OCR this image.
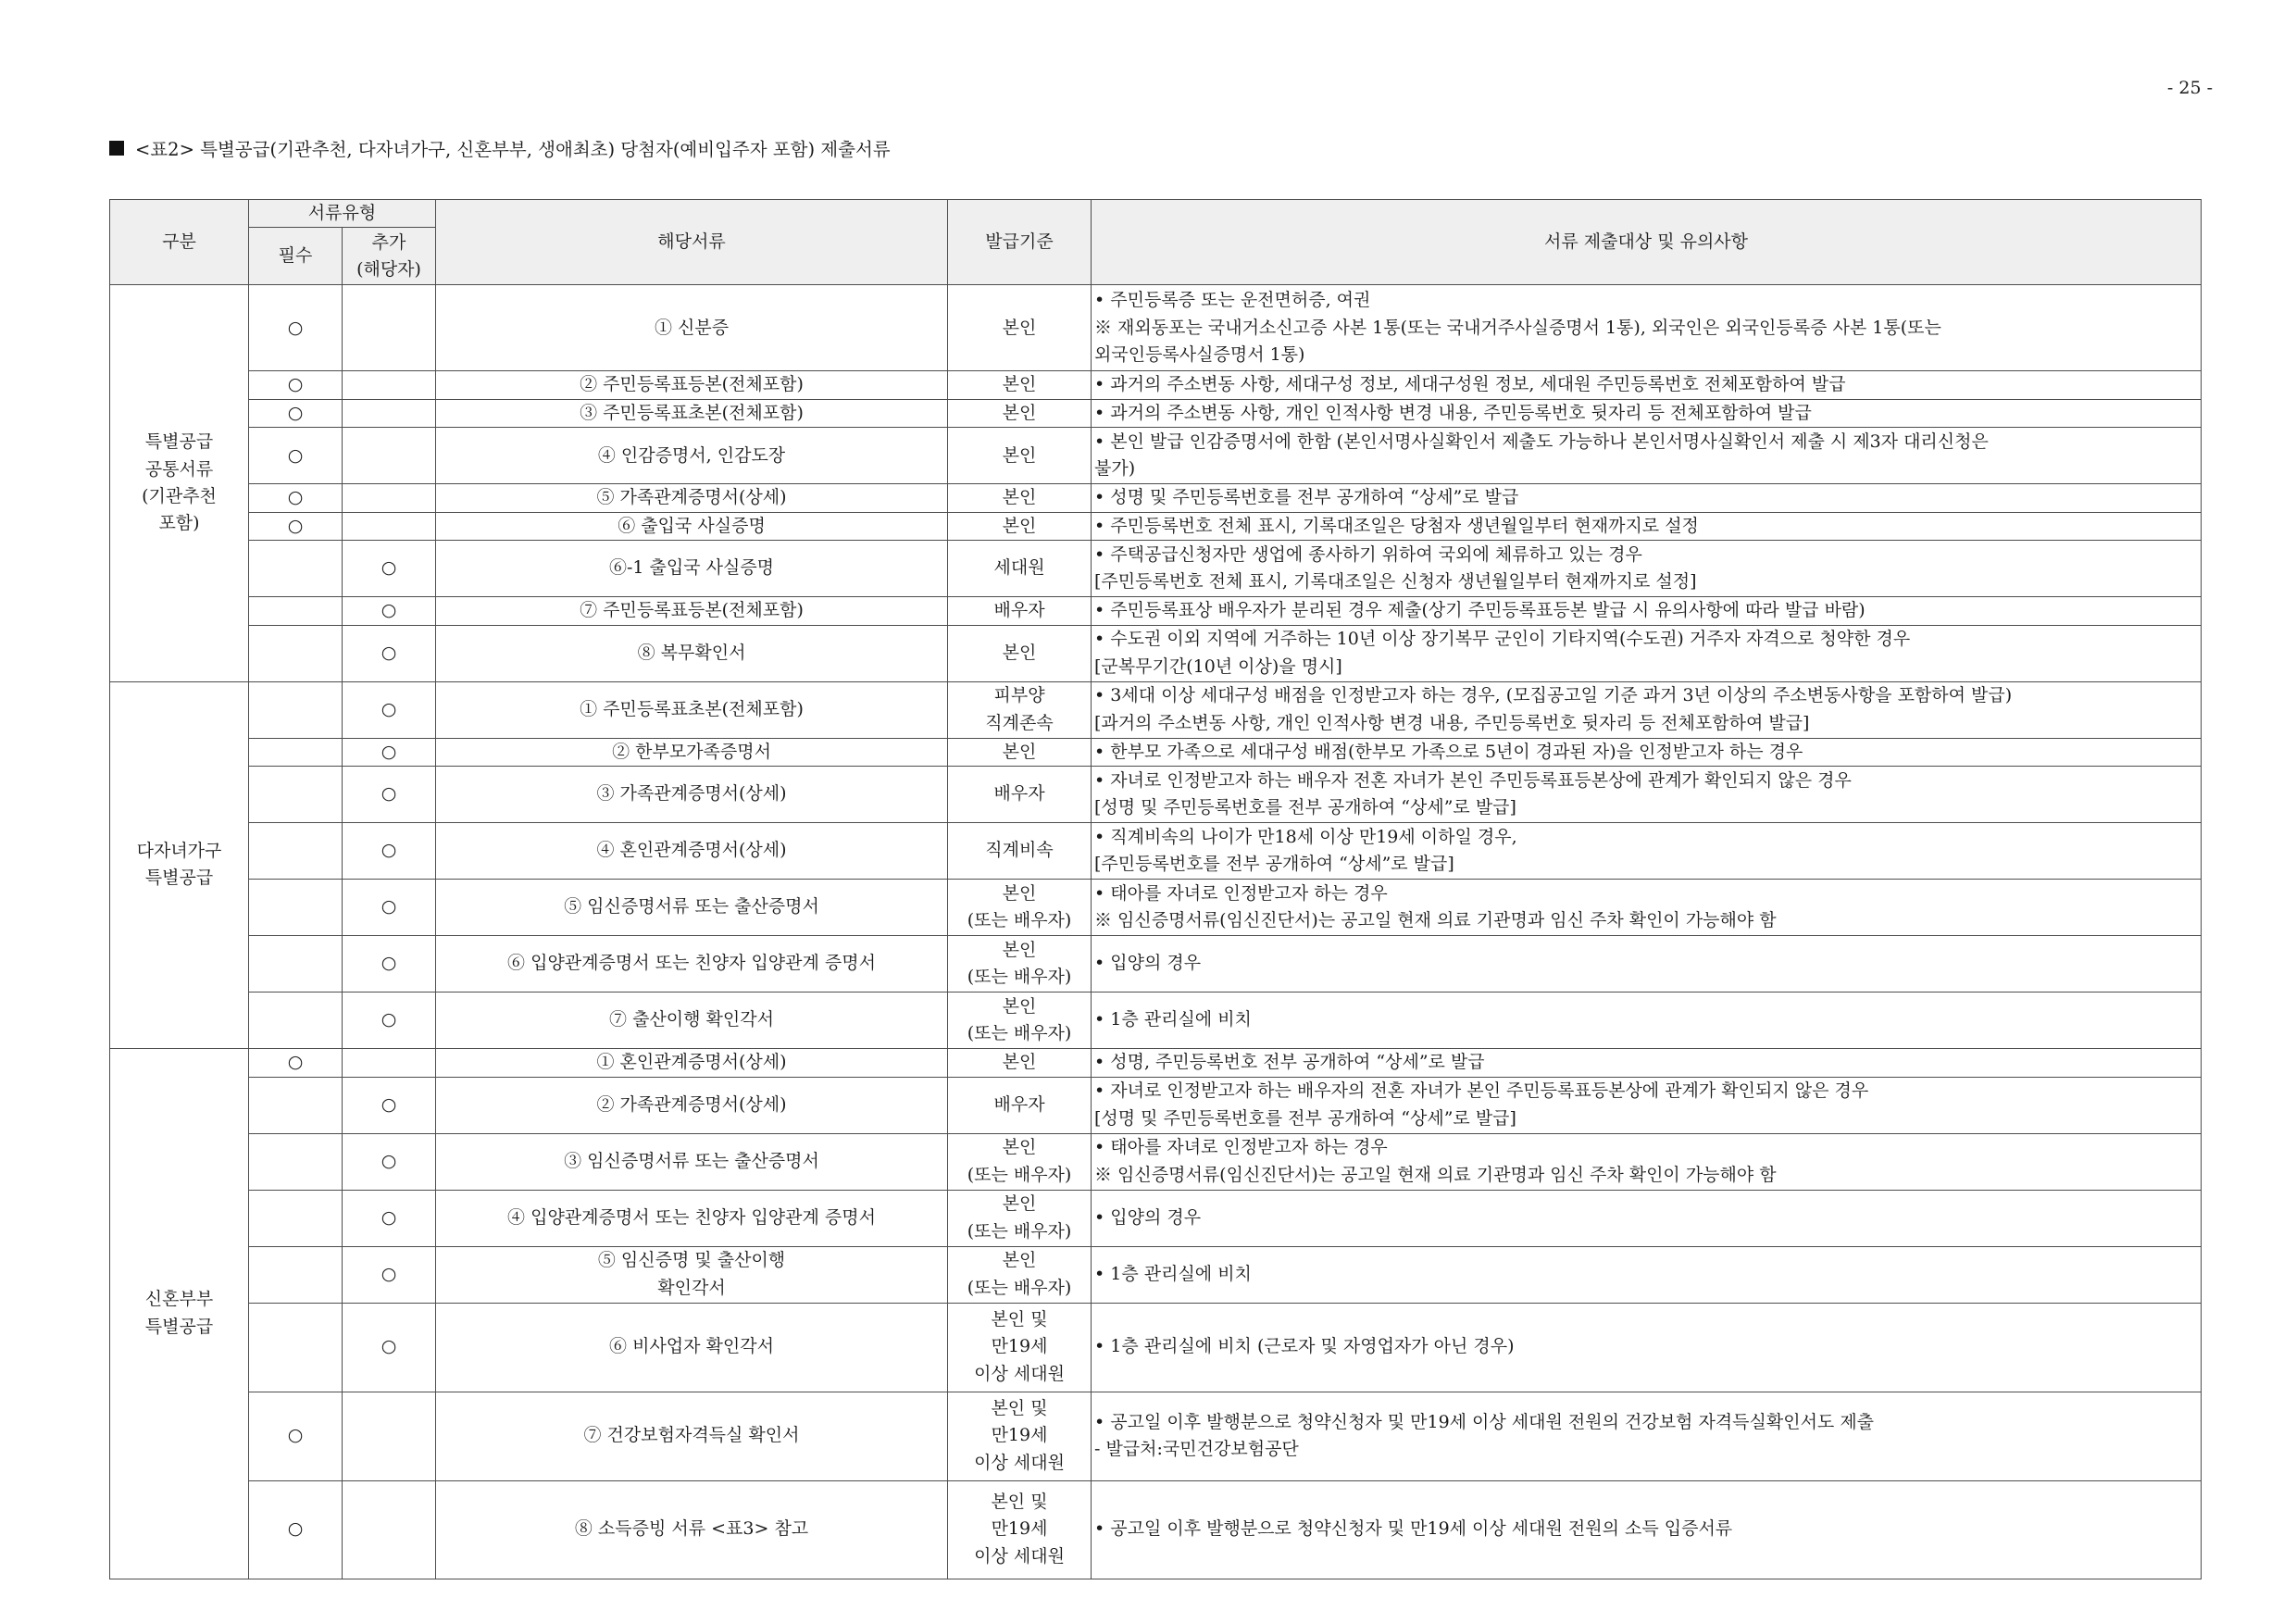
- 25 -
<표2> 특별공급(기관추천, 다자녀가구, 신혼부부, 생애최초) 당첨자(예비입주자 포함) 제출서류
구분	서류유형		해당서류	발급기준	서류 제출대상 및 유의사항
	필수	추가
(해당자)			
특별공급
공통서류
(기관추천
포함)	○		① 신분증	본인	• 주민등록증 또는 운전면허증, 여권
※ 재외동포는 국내거소신고증 사본 1통(또는 국내거주사실증명서 1통), 외국인은 외국인등록증 사본 1통(또는
외국인등록사실증명서 1통)
	○		② 주민등록표등본(전체포함)	본인	• 과거의 주소변동 사항, 세대구성 정보, 세대구성원 정보, 세대원 주민등록번호 전체포함하여 발급
	○		③ 주민등록표초본(전체포함)	본인	• 과거의 주소변동 사항, 개인 인적사항 변경 내용, 주민등록번호 뒷자리 등 전체포함하여 발급
	○		④ 인감증명서, 인감도장	본인	• 본인 발급 인감증명서에 한함 (본인서명사실확인서 제출도 가능하나 본인서명사실확인서 제출 시 제3자 대리신청은
불가)
	○		⑤ 가족관계증명서(상세)	본인	• 성명 및 주민등록번호를 전부 공개하여 “상세”로 발급
	○		⑥ 출입국 사실증명	본인	• 주민등록번호 전체 표시, 기록대조일은 당첨자 생년월일부터 현재까지로 설정
		○	⑥-1 출입국 사실증명	세대원	• 주택공급신청자만 생업에 종사하기 위하여 국외에 체류하고 있는 경우
[주민등록번호 전체 표시, 기록대조일은 신청자 생년월일부터 현재까지로 설정]
		○	⑦ 주민등록표등본(전체포함)	배우자	• 주민등록표상 배우자가 분리된 경우 제출(상기 주민등록표등본 발급 시 유의사항에 따라 발급 바람)
		○	⑧ 복무확인서	본인	• 수도권 이외 지역에 거주하는 10년 이상 장기복무 군인이 기타지역(수도권) 거주자 자격으로 청약한 경우
[군복무기간(10년 이상)을 명시]
다자녀가구
특별공급		○	① 주민등록표초본(전체포함)	피부양
직계존속	• 3세대 이상 세대구성 배점을 인정받고자 하는 경우, (모집공고일 기준 과거 3년 이상의 주소변동사항을 포함하여 발급)
[과거의 주소변동 사항, 개인 인적사항 변경 내용, 주민등록번호 뒷자리 등 전체포함하여 발급]
		○	② 한부모가족증명서	본인	• 한부모 가족으로 세대구성 배점(한부모 가족으로 5년이 경과된 자)을 인정받고자 하는 경우
		○	③ 가족관계증명서(상세)	배우자	• 자녀로 인정받고자 하는 배우자 전혼 자녀가 본인 주민등록표등본상에 관계가 확인되지 않은 경우
[성명 및 주민등록번호를 전부 공개하여 “상세”로 발급]
		○	④ 혼인관계증명서(상세)	직계비속	• 직계비속의 나이가 만18세 이상 만19세 이하일 경우,
[주민등록번호를 전부 공개하여 “상세”로 발급]
		○	⑤ 임신증명서류 또는 출산증명서	본인
(또는 배우자)	• 태아를 자녀로 인정받고자 하는 경우
※ 임신증명서류(임신진단서)는 공고일 현재 의료 기관명과 임신 주차 확인이 가능해야 함
		○	⑥ 입양관계증명서 또는 친양자 입양관계 증명서	본인
(또는 배우자)	• 입양의 경우
		○	⑦ 출산이행 확인각서	본인
(또는 배우자)	• 1층 관리실에 비치
신혼부부
특별공급	○		① 혼인관계증명서(상세)	본인	• 성명, 주민등록번호 전부 공개하여 “상세”로 발급
		○	② 가족관계증명서(상세)	배우자	• 자녀로 인정받고자 하는 배우자의 전혼 자녀가 본인 주민등록표등본상에 관계가 확인되지 않은 경우
[성명 및 주민등록번호를 전부 공개하여 “상세”로 발급]
		○	③ 임신증명서류 또는 출산증명서	본인
(또는 배우자)	• 태아를 자녀로 인정받고자 하는 경우
※ 임신증명서류(임신진단서)는 공고일 현재 의료 기관명과 임신 주차 확인이 가능해야 함
		○	④ 입양관계증명서 또는 친양자 입양관계 증명서	본인
(또는 배우자)	• 입양의 경우
		○	⑤ 임신증명 및 출산이행
확인각서	본인
(또는 배우자)	• 1층 관리실에 비치
		○	⑥ 비사업자 확인각서	본인 및
만19세
이상 세대원	• 1층 관리실에 비치 (근로자 및 자영업자가 아닌 경우)
	○		⑦ 건강보험자격득실 확인서	본인 및
만19세
이상 세대원	• 공고일 이후 발행분으로 청약신청자 및 만19세 이상 세대원 전원의 건강보험 자격득실확인서도 제출
- 발급처:국민건강보험공단
	○		⑧ 소득증빙 서류 <표3> 참고	본인 및
만19세
이상 세대원	• 공고일 이후 발행분으로 청약신청자 및 만19세 이상 세대원 전원의 소득 입증서류
